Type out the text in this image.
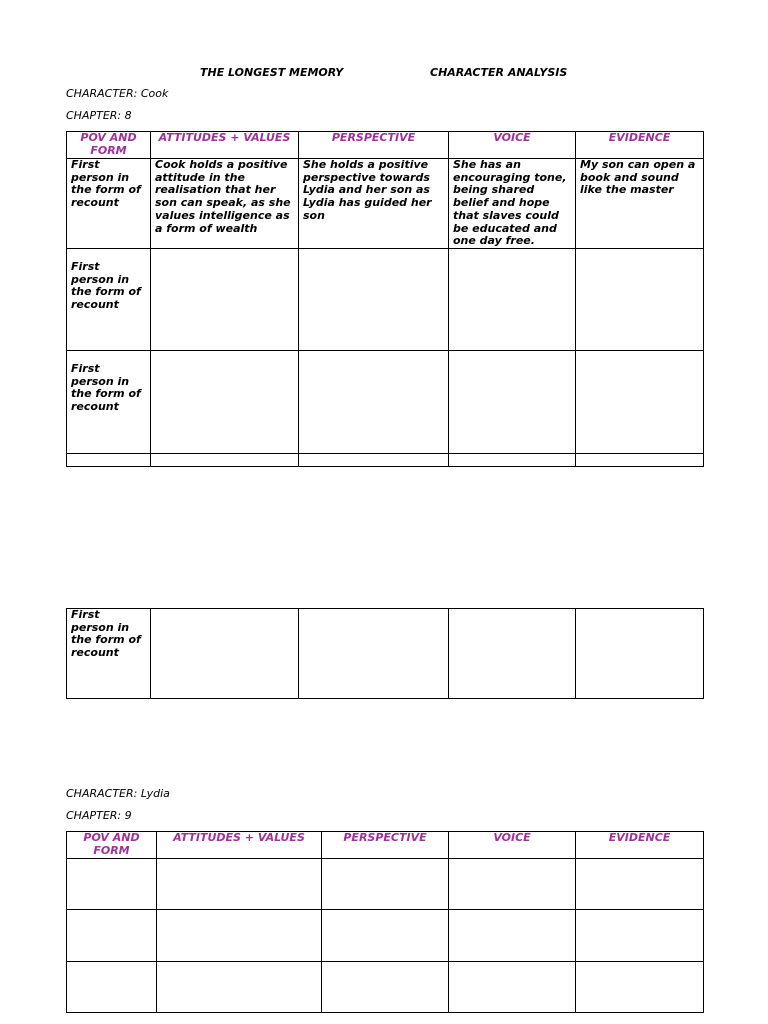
THE LONGEST MEMORY	CHARACTER ANALYSIS
CHARACTER: Cook
CHAPTER: 8
POV AND FORM	ATTITUDES + VALUES	PERSPECTIVE	VOICE	EVIDENCE
First person in the form of recount	Cook holds a positive attitude in the realisation that her son can speak, as she values intelligence as a form of wealth	She holds a positive perspective towards Lydia and her son as Lydia has guided her son	She has an encouraging tone, being shared belief and hope that slaves could be educated and one day free.	My son can open a book and sound like the master
First person in the form of recount				
First person in the form of recount				

First person in the form of recount				
CHARACTER: Lydia
CHAPTER: 9
POV AND FORM	ATTITUDES + VALUES	PERSPECTIVE	VOICE	EVIDENCE
